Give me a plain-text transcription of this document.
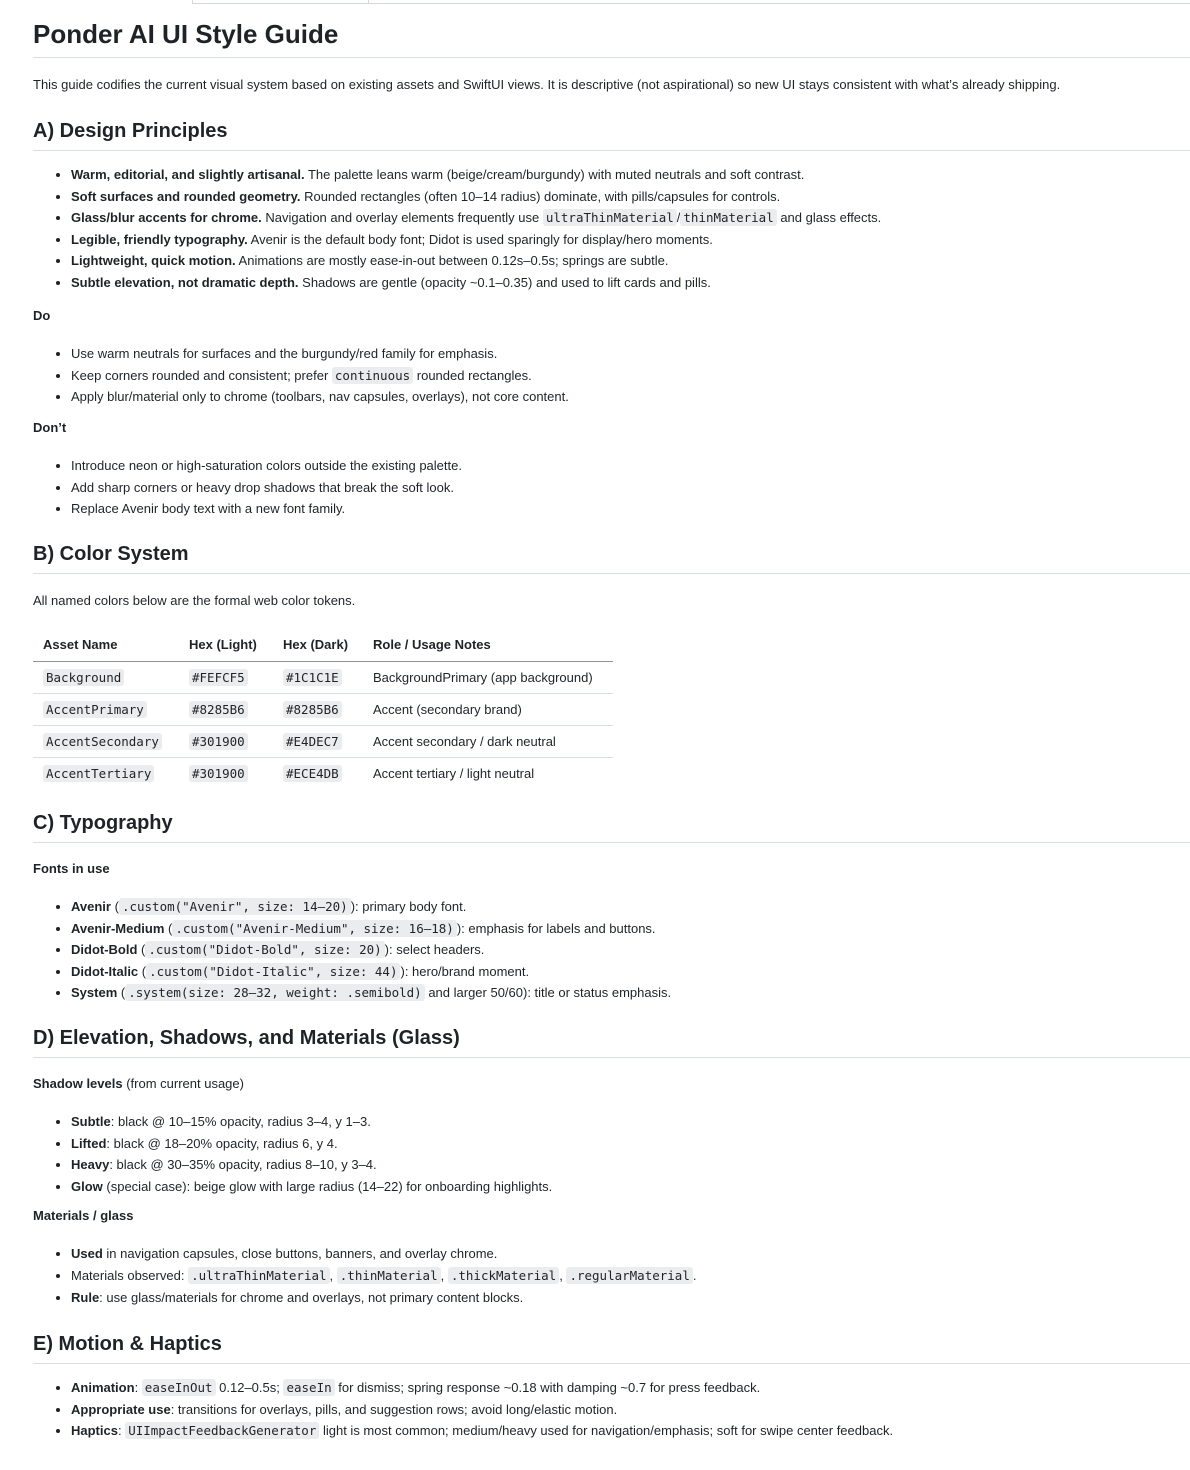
Ponder AI UI Style Guide

This guide codifies the current visual system based on existing assets and SwiftUI views. It is descriptive (not aspirational) so new UI stays consistent with what’s already shipping.

A) Design Principles
• Warm, editorial, and slightly artisanal. The palette leans warm (beige/cream/burgundy) with muted neutrals and soft contrast.
• Soft surfaces and rounded geometry. Rounded rectangles (often 10–14 radius) dominate, with pills/capsules for controls.
• Glass/blur accents for chrome. Navigation and overlay elements frequently use ultraThinMaterial / thinMaterial and glass effects.
• Legible, friendly typography. Avenir is the default body font; Didot is used sparingly for display/hero moments.
• Lightweight, quick motion. Animations are mostly ease-in-out between 0.12s–0.5s; springs are subtle.
• Subtle elevation, not dramatic depth. Shadows are gentle (opacity ~0.1–0.35) and used to lift cards and pills.
Do
• Use warm neutrals for surfaces and the burgundy/red family for emphasis.
• Keep corners rounded and consistent; prefer continuous rounded rectangles.
• Apply blur/material only to chrome (toolbars, nav capsules, overlays), not core content.
Don’t
• Introduce neon or high-saturation colors outside the existing palette.
• Add sharp corners or heavy drop shadows that break the soft look.
• Replace Avenir body text with a new font family.
B) Color System

All named colors below are the formal web color tokens.

Asset Name	Hex (Light)	Hex (Dark)	Role / Usage Notes
Background	#FEFCF5	#1C1C1E	BackgroundPrimary (app background)
AccentPrimary	#8285B6	#8285B6	Accent (secondary brand)
AccentSecondary	#301900	#E4DEC7	Accent secondary / dark neutral
AccentTertiary	#301900	#ECE4DB	Accent tertiary / light neutral
C) Typography
Fonts in use
• Avenir ( .custom("Avenir", size: 14–20) ): primary body font.
• Avenir-Medium ( .custom("Avenir-Medium", size: 16–18) ): emphasis for labels and buttons.
• Didot-Bold ( .custom("Didot-Bold", size: 20) ): select headers.
• Didot-Italic ( .custom("Didot-Italic", size: 44) ): hero/brand moment.
• System ( .system(size: 28–32, weight: .semibold) and larger 50/60): title or status emphasis.
D) Elevation, Shadows, and Materials (Glass)
Shadow levels (from current usage)
• Subtle: black @ 10–15% opacity, radius 3–4, y 1–3.
• Lifted: black @ 18–20% opacity, radius 6, y 4.
• Heavy: black @ 30–35% opacity, radius 8–10, y 3–4.
• Glow (special case): beige glow with large radius (14–22) for onboarding highlights.
Materials / glass
• Used in navigation capsules, close buttons, banners, and overlay chrome.
• Materials observed: .ultraThinMaterial , .thinMaterial , .thickMaterial , .regularMaterial .
• Rule: use glass/materials for chrome and overlays, not primary content blocks.
E) Motion & Haptics
• Animation: easeInOut 0.12–0.5s; easeIn for dismiss; spring response ~0.18 with damping ~0.7 for press feedback.
• Appropriate use: transitions for overlays, pills, and suggestion rows; avoid long/elastic motion.
• Haptics: UIImpactFeedbackGenerator light is most common; medium/heavy used for navigation/emphasis; soft for swipe center feedback.
